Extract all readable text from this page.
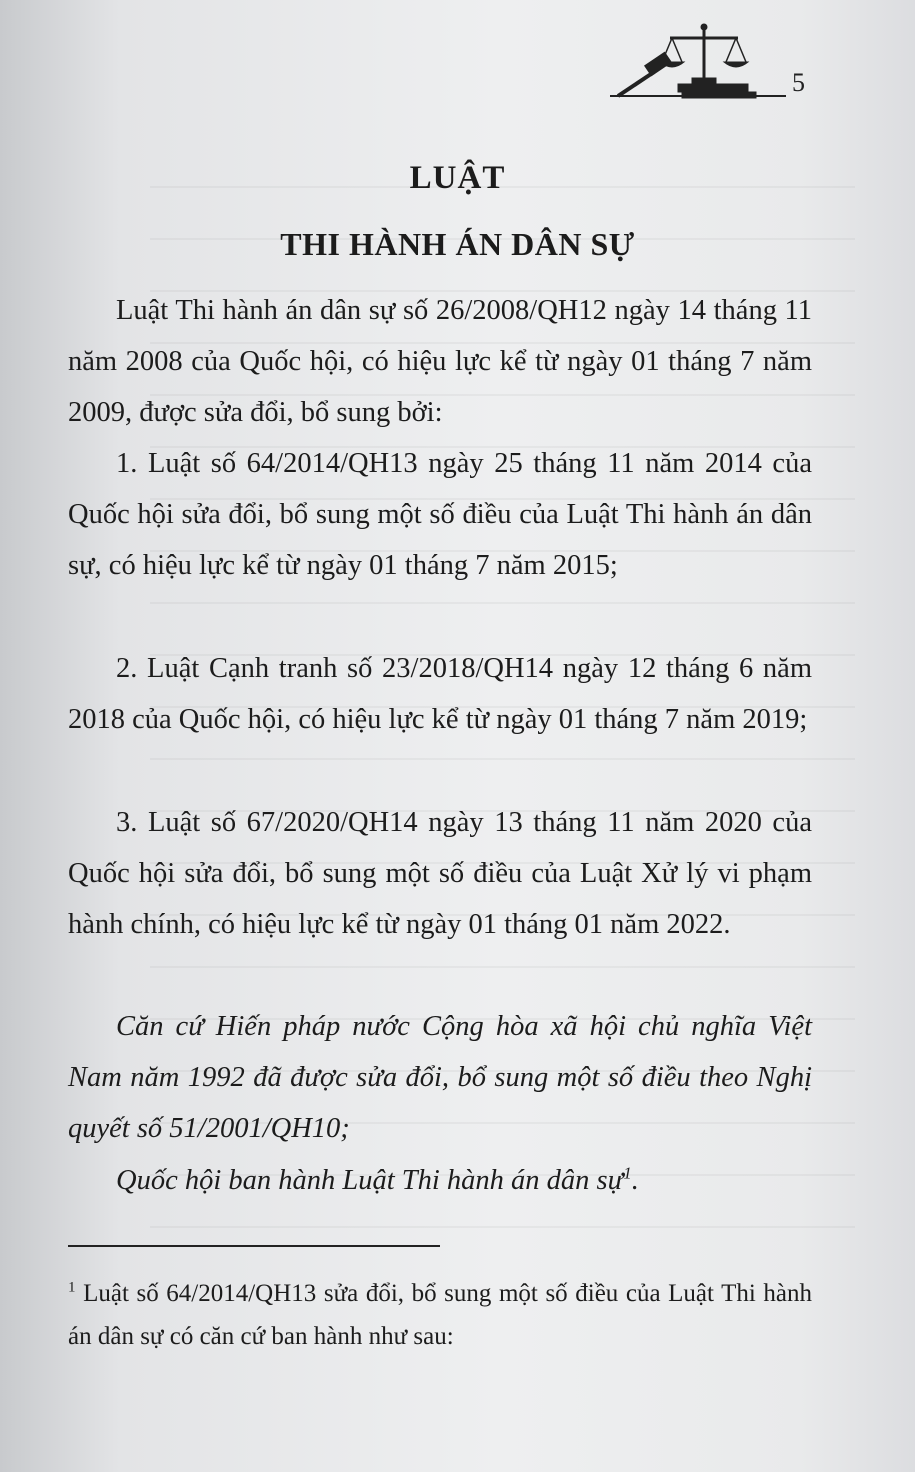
5
LUẬT
THI HÀNH ÁN DÂN SỰ

Luật Thi hành án dân sự số 26/2008/QH12 ngày 14 tháng 11 năm 2008 của Quốc hội, có hiệu lực kể từ ngày 01 tháng 7 năm 2009, được sửa đổi, bổ sung bởi:

1. Luật số 64/2014/QH13 ngày 25 tháng 11 năm 2014 của Quốc hội sửa đổi, bổ sung một số điều của Luật Thi hành án dân sự, có hiệu lực kể từ ngày 01 tháng 7 năm 2015;

2. Luật Cạnh tranh số 23/2018/QH14 ngày 12 tháng 6 năm 2018 của Quốc hội, có hiệu lực kể từ ngày 01 tháng 7 năm 2019;

3. Luật số 67/2020/QH14 ngày 13 tháng 11 năm 2020 của Quốc hội sửa đổi, bổ sung một số điều của Luật Xử lý vi phạm hành chính, có hiệu lực kể từ ngày 01 tháng 01 năm 2022.

Căn cứ Hiến pháp nước Cộng hòa xã hội chủ nghĩa Việt Nam năm 1992 đã được sửa đổi, bổ sung một số điều theo Nghị quyết số 51/2001/QH10;

Quốc hội ban hành Luật Thi hành án dân sự$^1$.

$^1$ Luật số 64/2014/QH13 sửa đổi, bổ sung một số điều của Luật Thi hành án dân sự có căn cứ ban hành như sau:
